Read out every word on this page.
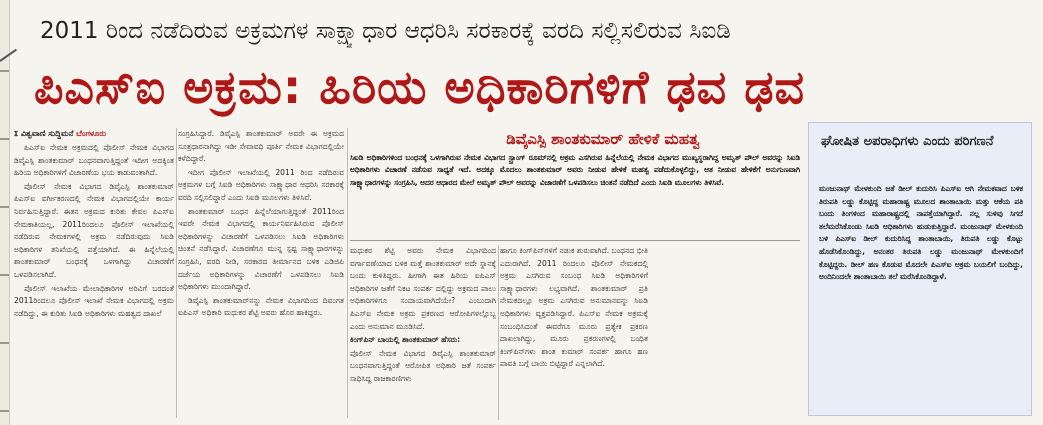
2011 ರಿಂದ ನಡೆದಿರುವ ಅಕ್ರಮಗಳ ಸಾಕ್ಷ್ಯಾಧಾರ ಆಧರಿಸಿ ಸರಕಾರಕ್ಕೆ ವರದಿ ಸಲ್ಲಿಸಲಿರುವ ಸಿಐಡಿ
ಪಿಎಸ್ಐ ಅಕ್ರಮ: ಹಿರಿಯ ಅಧಿಕಾರಿಗಳಿಗೆ ಢವ ಢವ
ೱ ವಿಶ್ವವಾಣಿ ಸುದ್ದಿಮನೆ ಬೆಂಗಳೂರು

ಪಿಎಸ್ಐ ನೇಮಕ ಅಕ್ರಮದಲ್ಲಿ ಪೊಲೀಸ್ ನೇಮಕ ವಿಭಾಗದ ಡಿವೈಎಸ್ಪಿ ಶಾಂತಕುಮಾರ್ ಬಂಧನವಾಗುತ್ತಿದ್ದಂತೆ ಇದೀಗ ಅದಕ್ಕಿಂತ ಹಿರಿಯ ಅಧಿಕಾರಿಗಳಿಗೆ ವಿಚಾರಣೆಯ ಭಯ ಕಾಡುವಂತಾಗಿದೆ.

ಪೊಲೀಸ್ ನೇಮಕ ವಿಭಾಗದ ಡಿವೈಎಸ್ಪಿ ಶಾಂತಕುಮಾರ್ ಪಿಎಸ್ಐ ವರ್ಗೀಕರಣದಲ್ಲಿ ನೇಮಕ ವಿಭಾಗದಲ್ಲಿಯೇ ಕಾರ್ಯ ನಿರ್ವಹಿಸುತ್ತಿದ್ದಾರೆ. ಈತನ ಅಕ್ರಮದ ಕುರಿತು ಕೇವಲ ಪಿಎಸ್ಐ ನೇಮಕಾತಿಯಲ್ಲ, 2011ರಿಂದಲೂ ಪೊಲೀಸ್ ಇಲಾಖೆಯಲ್ಲಿ ನಡೆದಿರುವ ನೇಮಕಗಳಲ್ಲಿ ಅಕ್ರಮ ನಡೆದಿರುವುದು ಸಿಐಡಿ ಅಧಿಕಾರಿಗಳ ತನಿಖೆಯಲ್ಲಿ ಪತ್ತೆಯಾಗಿದೆ. ಈ ಹಿನ್ನೆಲೆಯಲ್ಲಿ ಶಾಂತಕುಮಾರ್ ಬಂಧನಕ್ಕೆ ಒಳಗಾಗಿದ್ದು ವಿಚಾರಣೆಗೆ ಒಳಪಡಿಸಲಾಗಿದೆ.

ಪೊಲೀಸ್ ಇಲಾಖೆಯ ಮೇಲಾಧಿಕಾರಿಗಳ ಅರಿವಿಗೆ ಬರದಂತೆ 2011ರಿಂದಲೂ ಪೊಲೀಸ್ ಇಲಾಖೆ ನೇಮಕ ವಿಭಾಗದಲ್ಲಿ ಅಕ್ರಮ ನಡೆದಿದ್ದು, ಈ ಕುರಿತು ಸಿಐಡಿ ಅಧಿಕಾರಿಗಳು ಮಹತ್ವದ ದಾಖಲೆ

ಸಂಗ್ರಹಿಸಿದ್ದಾರೆ. ಡಿವೈಎಸ್ಪಿ ಶಾಂತಕುಮಾರ್ ಅವರೇ ಈ ಅಕ್ರಮದ ಸೂತ್ರಧಾರನಾಗಿದ್ದು ಇಡೀ ಸೇವಾವಧಿ ಪೂರ್ತಿ ನೇಮಕ ವಿಭಾಗದಲ್ಲಿಯೇ ಕಳೆದಿದ್ದಾರೆ.

ಇದೀಗ ಪೊಲೀಸ್ ಇಲಾಖೆಯಲ್ಲಿ 2011 ರಿಂದ ನಡೆದಿರುವ ಅಕ್ರಮಗಳ ಬಗ್ಗೆ ಸಿಐಡಿ ಅಧಿಕಾರಿಗಳು ಸಾಕ್ಷ್ಯಾಧಾರ ಆಧರಿಸಿ ಸರಕಾರಕ್ಕೆ ವರದಿ ಸಲ್ಲಿಸಲಿದ್ದಾರೆ ಎಂದು ಸಿಐಡಿ ಮೂಲಗಳು ತಿಳಿಸಿವೆ.

ಶಾಂತಕುಮಾರ್ ಬಂಧನ ಹಿನ್ನೆಲೆಯಾಗುತ್ತಿದ್ದಂತೆ 2011ರಿಂದ ಇವರೇ ನೇಮಕ ವಿಭಾಗದಲ್ಲಿ ಕಾರ್ಯನಿರ್ವಹಿಸಿರುವ ಪೊಲೀಸ್ ಅಧಿಕಾರಿಗಳನ್ನು ವಿಚಾರಣೆಗೆ ಒಳಪಡಿಸಲು ಸಿಐಡಿ ಅಧಿಕಾರಿಗಳು ಚಿಂತನೆ ನಡೆಸಿದ್ದಾರೆ. ವಿಚಾರಣೆಗೂ ಮುನ್ನ ಸ್ಪಷ್ಟ ಸಾಕ್ಷ್ಯಾಧಾರಗಳನ್ನು ಸಂಗ್ರಹಿಸಿ, ವರದಿ ನೀಡಿ, ಸರಕಾರದ ತೀರ್ಮಾನದ ಬಳಿಕ ಎಡಿಜಿಪಿ ದರ್ಜೆಯ ಅಧಿಕಾರಿಗಳನ್ನು ವಿಚಾರಣೆಗೆ ಒಳಪಡಿಸಲು ಸಿಐಡಿ ಅಧಿಕಾರಿಗಳು ಮುಂದಾಗಿದ್ದಾರೆ.

ಡಿವೈಎಸ್ಪಿ ಶಾಂತಕುಮಾರ್‌ನನ್ನು ನೇಮಕ ವಿಭಾಗದಿಂದ ದಿವಂಗತ ಐಪಿಎಸ್ ಅಧಿಕಾರಿ ಮಧುಕರ ಶೆಟ್ಟಿ ಅವರು ಹೊರ ಹಾಕಿದ್ದರು.

ಡಿವೈಎಸ್ಪಿ ಶಾಂತಕುಮಾರ್ ಹೇಳಿಕೆ ಮಹತ್ವ
ಸಿಐಡಿ ಅಧಿಕಾರಿಗಳಿಂದ ಬಂಧನಕ್ಕೆ ಒಳಗಾಗಿರುವ ನೇಮಕ ವಿಭಾಗದ ಸ್ಟ್ರಾಂಗ್ ರೂಮ್‌ನಲ್ಲಿ ಅಕ್ರಮ ಎಸಗಿರುವ ಹಿನ್ನೆಲೆಯಲ್ಲಿ ನೇಮಕ ವಿಭಾಗದ ಮುಖ್ಯಸ್ಥರಾಗಿದ್ದ ಅಮೃತ್ ಪೌಲ್ ಅವರನ್ನು ಸಿಐಡಿ ಅಧಿಕಾರಿಗಳು ವಿಚಾರಣೆ ನಡೆಸುವ ಸಾಧ್ಯತೆ ಇದೆ. ಅದಕ್ಕೂ ಮೊದಲು ಶಾಂತಕುಮಾರ್ ಅವರು ನೀಡುವ ಹೇಳಿಕೆ ಮಹತ್ವ ಪಡೆದುಕೊಳ್ಳಲಿದ್ದು, ಆತ ನೀಡುವ ಹೇಳಿಕೆಗೆ ಅನುಗುಣವಾಗಿ ಸಾಕ್ಷ್ಯಾಧಾರಗಳನ್ನು ಸಂಗ್ರಹಿಸಿ, ಅದರ ಆಧಾರದ ಮೇಲೆ ಅಮೃತ್ ಪೌಲ್ ಅವರನ್ನು ವಿಚಾರಣೆಗೆ ಒಳಪಡಿಸಲು ಚಿಂತನೆ ನಡೆದಿದೆ ಎಂದು ಸಿಐಡಿ ಮೂಲಗಳು ತಿಳಿಸಿವೆ.

ಮಧುಕರ ಶೆಟ್ಟಿ ಅವರು ನೇಮಕ ವಿಭಾಗದಿಂದ ವರ್ಗಾವಣೆಯಾದ ಬಳಿಕ ಮತ್ತೆ ಶಾಂತಕುಮಾರ್ ಅದೇ ಸ್ಥಾನಕ್ಕೆ ಬಂದು ಕುಳಿತಿದ್ದರು. ಹೀಗಾಗಿ ಈತ ಹಿರಿಯ ಐಪಿಎಸ್ ಅಧಿಕಾರಿಗಳ ಜತೆಗೆ ನಿಕಟ ಸಂಪರ್ಕ ದಲ್ಲಿದ್ದು ಅಕ್ರಮದ ಪಾಲು ಅಧಿಕಾರಿಗಳಿಗೂ ಸಂದಾಯವಾಗಿದೆಯೇ? ಎಂಬುದಾಗಿ ಪಿಎಸ್ಐ ನೇಮಕ ಅಕ್ರಮ ಪ್ರಕರಣದ ಆರೋಪಿಗಳಲ್ಲೊಬ್ಬ ಎಂದು ಅನುಮಾನ ಮೂಡಿಸಿದೆ.

ಕಿಂಗ್‌ಪಿನ್ ಬಾಯಲ್ಲಿ ಶಾಂತಕುಮಾರ್ ಹೆಸರು:

ಪೊಲೀಸ್ ನೇಮಕ ವಿಭಾಗದ ಡಿವೈಎಸ್ಪಿ ಶಾಂತಕುಮಾರ್ ಬಂಧನವಾಗುತ್ತಿದ್ದಂತೆ ಆರೋಪಿತ ಅಧಿಕಾರಿ ಜತೆ ಸಂಪರ್ಕ ಸಾಧಿಸಿದ್ದ ರಾಜಕಾರಣಿಗಳು

ಹಾಗೂ ಕಿಂಗ್‌ಪಿನ್‌ಗಳಿಗೆ ನಡುಕ ಶುರುವಾಗಿದೆ. ಬಂಧನದ ಭೀತಿ ಎದುರಾಗಿದೆ. 2011 ರಿಂದಲೂ ಪೊಲೀಸ್ ನೇಮಕದಲ್ಲಿ ಅಕ್ರಮ ಎಸಗಿರುವ ಸಂಬಂಧ ಸಿಐಡಿ ಅಧಿಕಾರಿಗಳಿಗೆ ಸಾಕ್ಷ್ಯಾಧಾರಗಳು ಲಭ್ಯವಾಗಿದೆ. ಶಾಂತಕುಮಾರ್ ಪ್ರತಿ ನೇಮಕದಲ್ಲೂ ಅಕ್ರಮ ಎಸಗಿರುವ ಅನುಮಾನವನ್ನು ಸಿಐಡಿ ಅಧಿಕಾರಿಗಳು ವ್ಯಕ್ತಪಡಿಸಿದ್ದಾರೆ. ಪಿಎಸ್ಐ ನೇಮಕ ಅಕ್ರಮಕ್ಕೆ ಸಂಬಂಧಿಸಿದಂತೆ ಈವರೆಗೂ ಮೂರು ಪ್ರತ್ಯೇಕ ಪ್ರಕರಣ ದಾಖಲಾಗಿದ್ದು, ಮೂರು ಪ್ರಕರಣಗಳಲ್ಲಿ ಬಂಧಿತ ಕಿಂಗ್‌ಪಿನ್‌ಗಳು ಶಾಂತ ಕುಮಾರ್ ಸಂಪರ್ಕ ಹಾಗೂ ಹಣ ಪಾವತಿ ಬಗ್ಗೆ ಬಾಯಿ ಬಿಟ್ಟಿದ್ದಾರೆ ಎನ್ನಲಾಗಿದೆ.

ಘೋಷಿತ ಅಪರಾಧಿಗಳು ಎಂದು ಪರಿಗಣನೆ
ಮಂಜುನಾಥ್ ಮೇಳಕುಂದಿ ಜತೆ ಡೀಲ್ ಕುದುರಿಸಿ ಪಿಎಸ್ಐ ಆಗಿ ನೇಮಕವಾದ ಬಳಿಕ ತಿರುಪತಿ ಲಡ್ಡು ಕೊಟ್ಟಿದ್ದ ಮಹಾರಾಷ್ಟ್ರ ಮೂಲದ ಶಾಂತಾಬಾಯಿ ಮತ್ತು ಆಕೆಯ ಪತಿ ಬಂದು ತಿಂಗಳಿಂದ ಮಹಾರಾಷ್ಟ್ರದಲ್ಲಿ ನಾಪತ್ತೆಯಾಗಿದ್ದಾರೆ. ನಲ್ಲ ಸುಳಿವು ಸಿಗದೆ ತಲೆಮರೆಸಿಕೊಂಡು ಸಿಐಡಿ ಅಧಿಕಾರಿಗಳು ಹುಡುಕುತ್ತಿದ್ದಾರೆ. ಮಂಜುನಾಥ್ ಮೇಳಕುಂದಿ ಬಳಿ ಪಿಎಸ್ಐ ಡೀಲ್ ಕುದುರಿಸಿದ್ದ ಶಾಂತಾಬಾಯಿ, ತಿರುಪತಿ ಲಡ್ಡು ಕೊಟ್ಟು ಹೊಡೆಸಿಕೊಂಡಿದ್ದು, ಅನಂತರ ತಿರುಪತಿ ಲಡ್ಡು ಮಂಜುನಾಥ್ ಮೇಳಕುಂದಿಗೆ ಕೊಟ್ಟಿದ್ದರು. ಡೀಲ್ ಹಣ ಕೊಡುವ ಮೊದಲೇ ಪಿಎಸ್ಐ ಅಕ್ರಮ ಬಯಲಿಗೆ ಬಂದಿದ್ದು, ಅಂದಿನಿಂದಲೇ ಶಾಂತಾಬಾಯಿ ತಲೆ ಮರೆಸಿಕೊಂಡಿದ್ದಾಳೆ.
